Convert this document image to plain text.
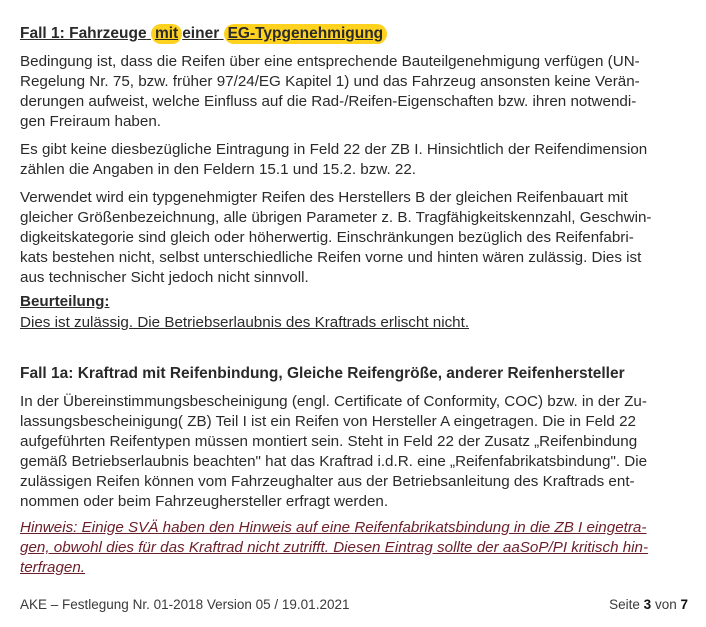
Fall 1: Fahrzeuge mit einer EG-Typgenehmigung
Bedingung ist, dass die Reifen über eine entsprechende Bauteilgenehmigung verfügen (UN-
Regelung Nr. 75, bzw. früher 97/24/EG Kapitel 1) und das Fahrzeug ansonsten keine Verän-
derungen aufweist, welche Einfluss auf die Rad-/Reifen-Eigenschaften bzw. ihren notwendi-
gen Freiraum haben.
Es gibt keine diesbezügliche Eintragung in Feld 22 der ZB I. Hinsichtlich der Reifendimension
zählen die Angaben in den Feldern 15.1 und 15.2. bzw. 22.
Verwendet wird ein typgenehmigter Reifen des Herstellers B der gleichen Reifenbauart mit
gleicher Größenbezeichnung, alle übrigen Parameter z. B. Tragfähigkeitskennzahl, Geschwin-
digkeitskategorie sind gleich oder höherwertig. Einschränkungen bezüglich des Reifenfabri-
kats bestehen nicht, selbst unterschiedliche Reifen vorne und hinten wären zulässig. Dies ist
aus technischer Sicht jedoch nicht sinnvoll.
Beurteilung:
Dies ist zulässig. Die Betriebserlaubnis des Kraftrads erlischt nicht.
Fall 1a: Kraftrad mit Reifenbindung, Gleiche Reifengröße, anderer Reifenhersteller
In der Übereinstimmungsbescheinigung (engl. Certificate of Conformity, COC) bzw. in der Zu-
lassungsbescheinigung( ZB) Teil I ist ein Reifen von Hersteller A eingetragen. Die in Feld 22
aufgeführten Reifentypen müssen montiert sein. Steht in Feld 22 der Zusatz „Reifenbindung
gemäß Betriebserlaubnis beachten" hat das Kraftrad i.d.R. eine „Reifenfabrikatsbindung". Die
zulässigen Reifen können vom Fahrzeughalter aus der Betriebsanleitung des Kraftrads ent-
nommen oder beim Fahrzeughersteller erfragt werden.
Hinweis: Einige SVÄ haben den Hinweis auf eine Reifenfabrikatsbindung in die ZB I eingetra-
gen, obwohl dies für das Kraftrad nicht zutrifft. Diesen Eintrag sollte der aaSoP/PI kritisch hin-
terfragen.
AKE – Festlegung Nr. 01-2018 Version 05 / 19.01.2021	Seite 3 von 7
